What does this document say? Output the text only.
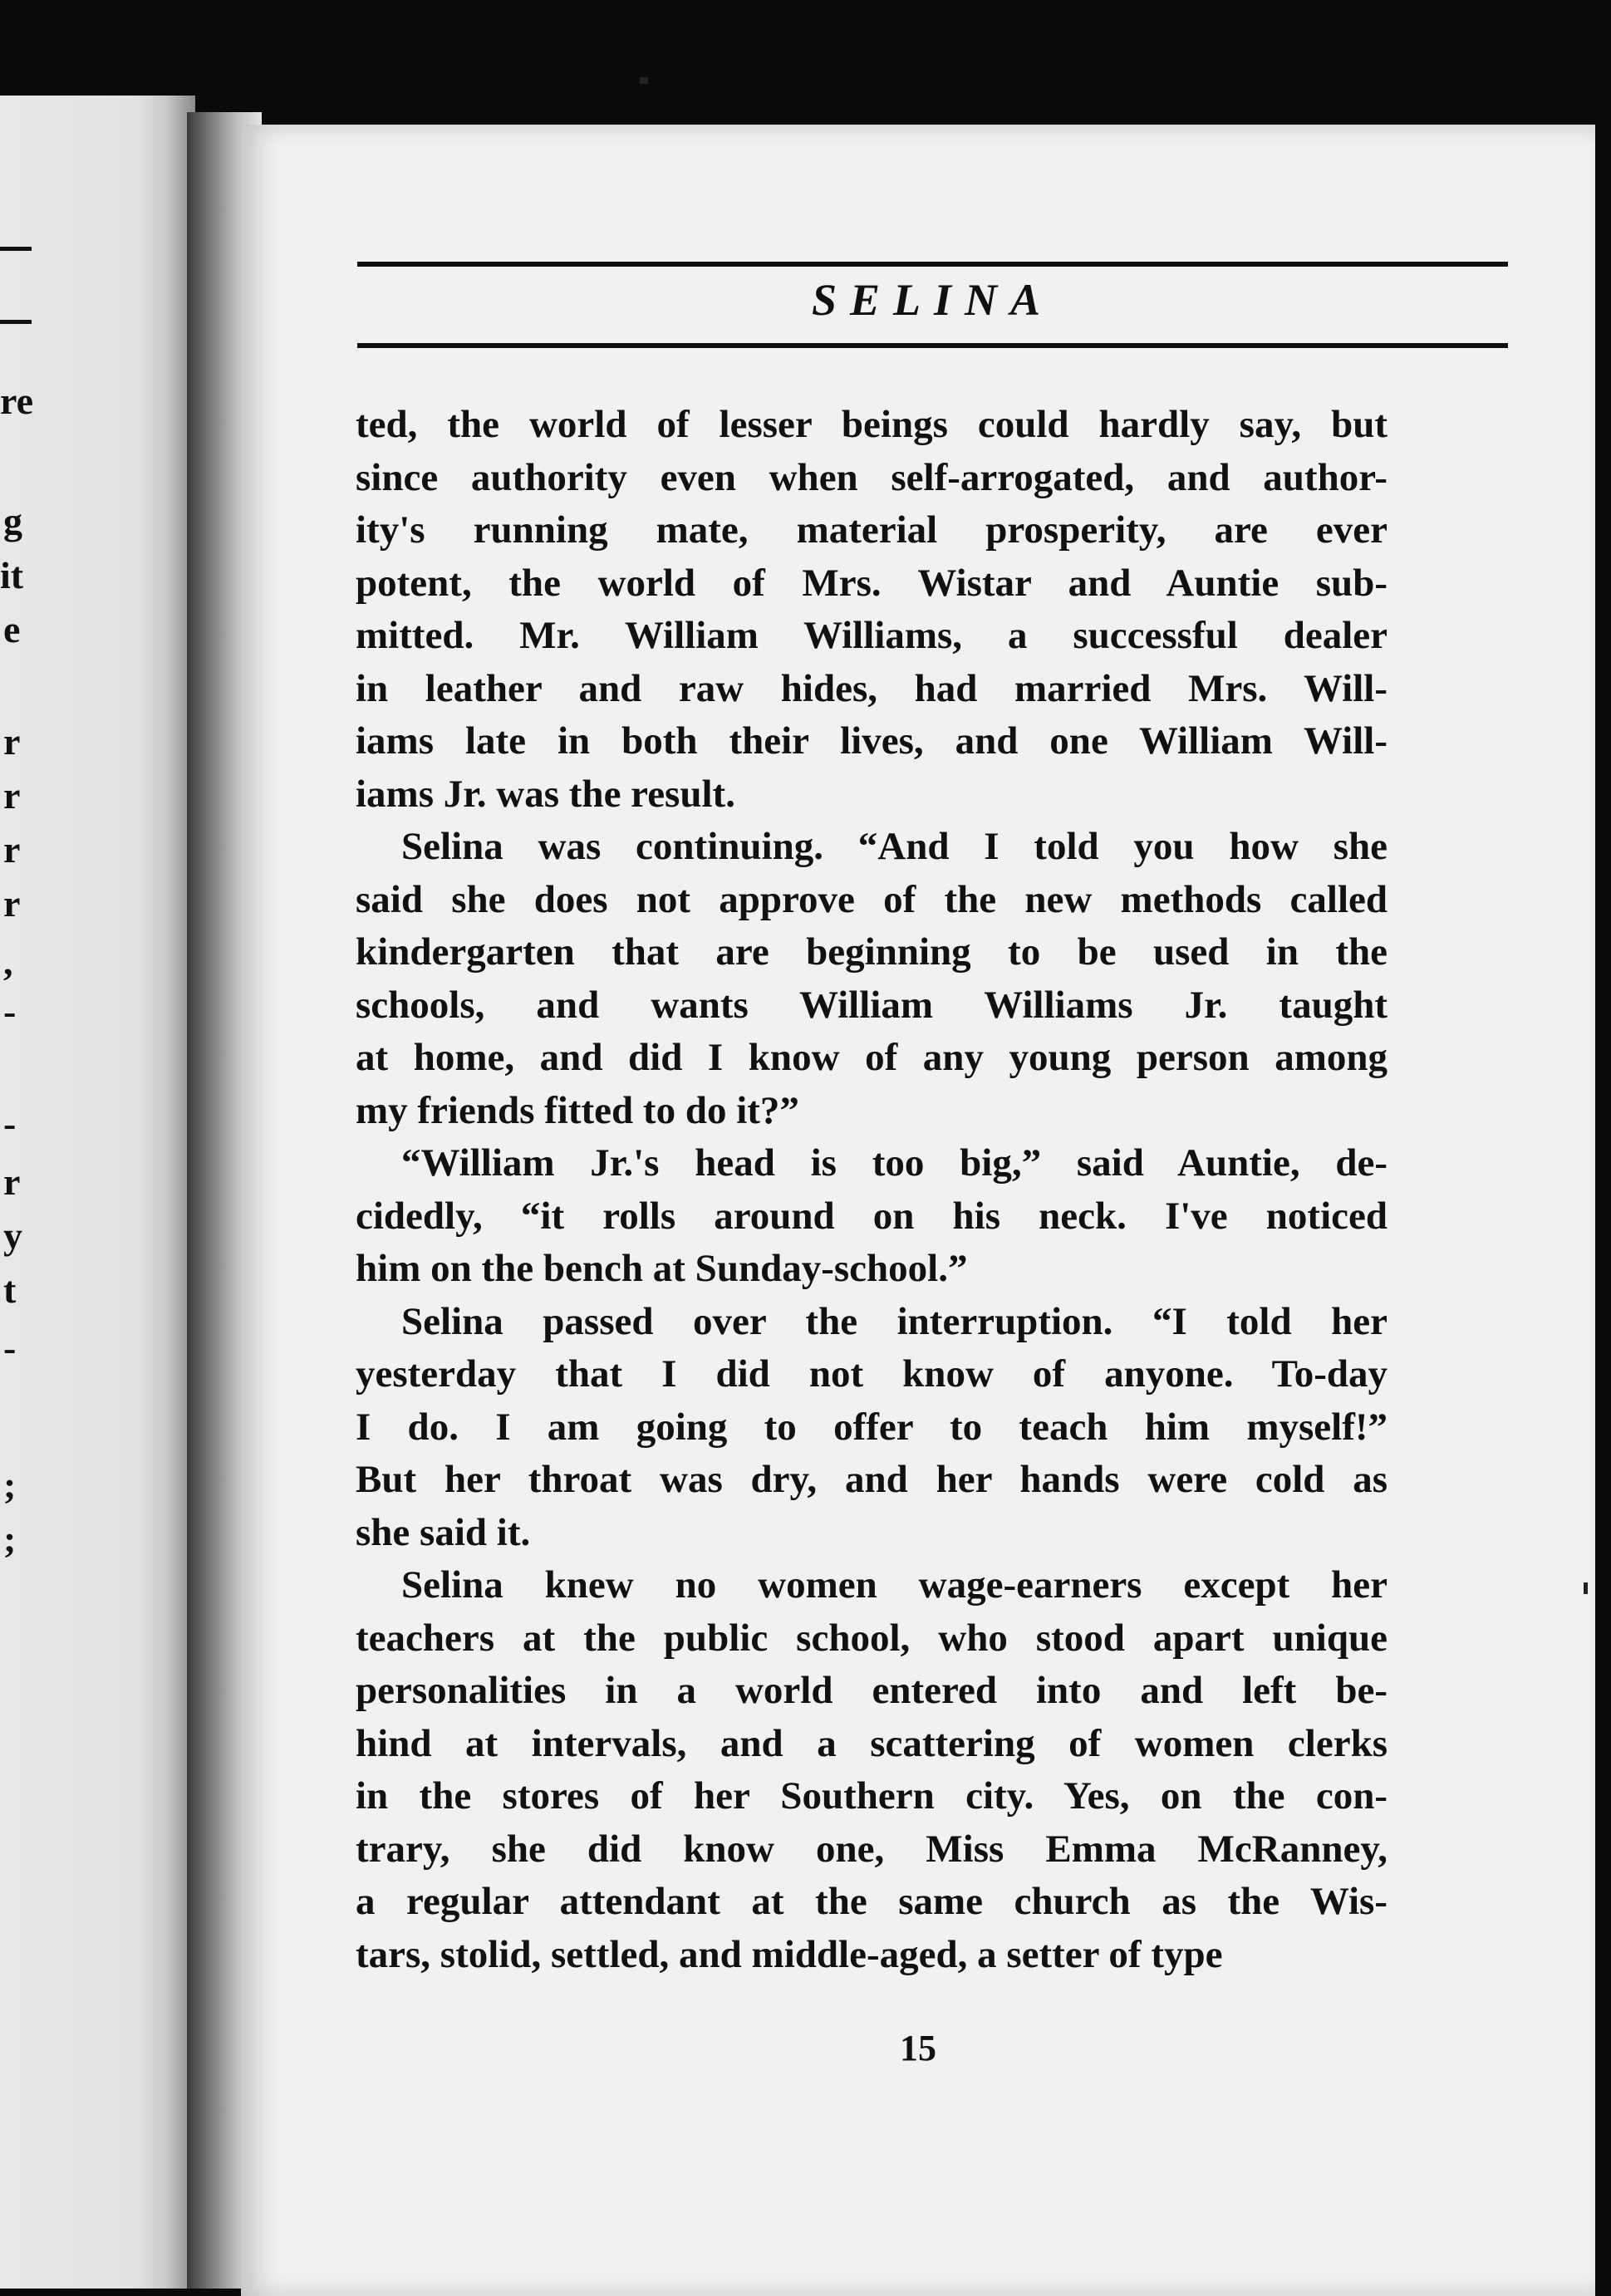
re
g
it
e
r
r
r
r
,
-
-
r
y
t
-
;
;
SELINA
ted, the world of lesser beings could hardly say, but
since authority even when self-arrogated, and author-
ity's running mate, material prosperity, are ever
potent, the world of Mrs. Wistar and Auntie sub-
mitted. Mr. William Williams, a successful dealer
in leather and raw hides, had married Mrs. Will-
iams late in both their lives, and one William Will-
iams Jr. was the result.
Selina was continuing. “And I told you how she
said she does not approve of the new methods called
kindergarten that are beginning to be used in the
schools, and wants William Williams Jr. taught
at home, and did I know of any young person among
my friends fitted to do it?”
“William Jr.'s head is too big,” said Auntie, de-
cidedly, “it rolls around on his neck. I've noticed
him on the bench at Sunday-school.”
Selina passed over the interruption. “I told her
yesterday that I did not know of anyone. To-day
I do. I am going to offer to teach him myself!”
But her throat was dry, and her hands were cold as
she said it.
Selina knew no women wage-earners except her
teachers at the public school, who stood apart unique
personalities in a world entered into and left be-
hind at intervals, and a scattering of women clerks
in the stores of her Southern city. Yes, on the con-
trary, she did know one, Miss Emma McRanney,
a regular attendant at the same church as the Wis-
tars, stolid, settled, and middle-aged, a setter of type
15
